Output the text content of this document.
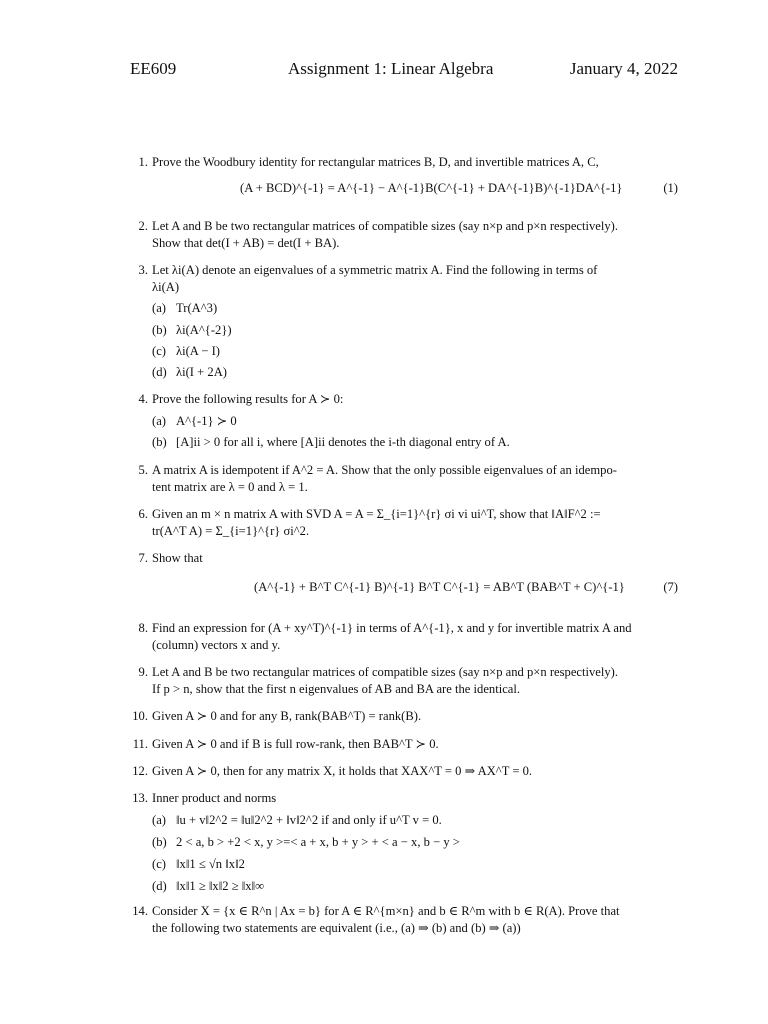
EE609	Assignment 1: Linear Algebra	January 4, 2022
1. Prove the Woodbury identity for rectangular matrices B, D, and invertible matrices A, C,
(A + BCD)^{-1} = A^{-1} − A^{-1}B(C^{-1} + DA^{-1}B)^{-1}DA^{-1}	(1)
2. Let A and B be two rectangular matrices of compatible sizes (say n×p and p×n respectively).
Show that det(I + AB) = det(I + BA).
3. Let λi(A) denote an eigenvalues of a symmetric matrix A. Find the following in terms of
λi(A)
(a) Tr(A^3)
(b) λi(A^{-2})
(c) λi(A − I)
(d) λi(I + 2A)
4. Prove the following results for A ≻ 0:
(a) A^{-1} ≻ 0
(b) [A]ii > 0 for all i, where [A]ii denotes the i-th diagonal entry of A.
5. A matrix A is idempotent if A^2 = A. Show that the only possible eigenvalues of an idempo-
tent matrix are λ = 0 and λ = 1.
6. Given an m × n matrix A with SVD A = A = Σ_{i=1}^{r} σi vi ui^T, show that ‖A‖F^2 :=
tr(A^T A) = Σ_{i=1}^{r} σi^2.
7. Show that
(A^{-1} + B^T C^{-1} B)^{-1} B^T C^{-1} = AB^T (BAB^T + C)^{-1}	(7)
8. Find an expression for (A + xy^T)^{-1} in terms of A^{-1}, x and y for invertible matrix A and
(column) vectors x and y.
9. Let A and B be two rectangular matrices of compatible sizes (say n×p and p×n respectively).
If p > n, show that the first n eigenvalues of AB and BA are the identical.
10. Given A ≻ 0 and for any B, rank(BAB^T) = rank(B).
11. Given A ≻ 0 and if B is full row-rank, then BAB^T ≻ 0.
12. Given A ≻ 0, then for any matrix X, it holds that XAX^T = 0 ⇒ AX^T = 0.
13. Inner product and norms
(a) ‖u + v‖2^2 = ‖u‖2^2 + ‖v‖2^2 if and only if u^T v = 0.
(b) 2 < a, b > +2 < x, y >=< a + x, b + y > + < a − x, b − y >
(c) ‖x‖1 ≤ √n ‖x‖2
(d) ‖x‖1 ≥ ‖x‖2 ≥ ‖x‖∞
14. Consider X = {x ∈ R^n | Ax = b} for A ∈ R^{m×n} and b ∈ R^m with b ∈ R(A). Prove that
the following two statements are equivalent (i.e., (a) ⇒ (b) and (b) ⇒ (a))
